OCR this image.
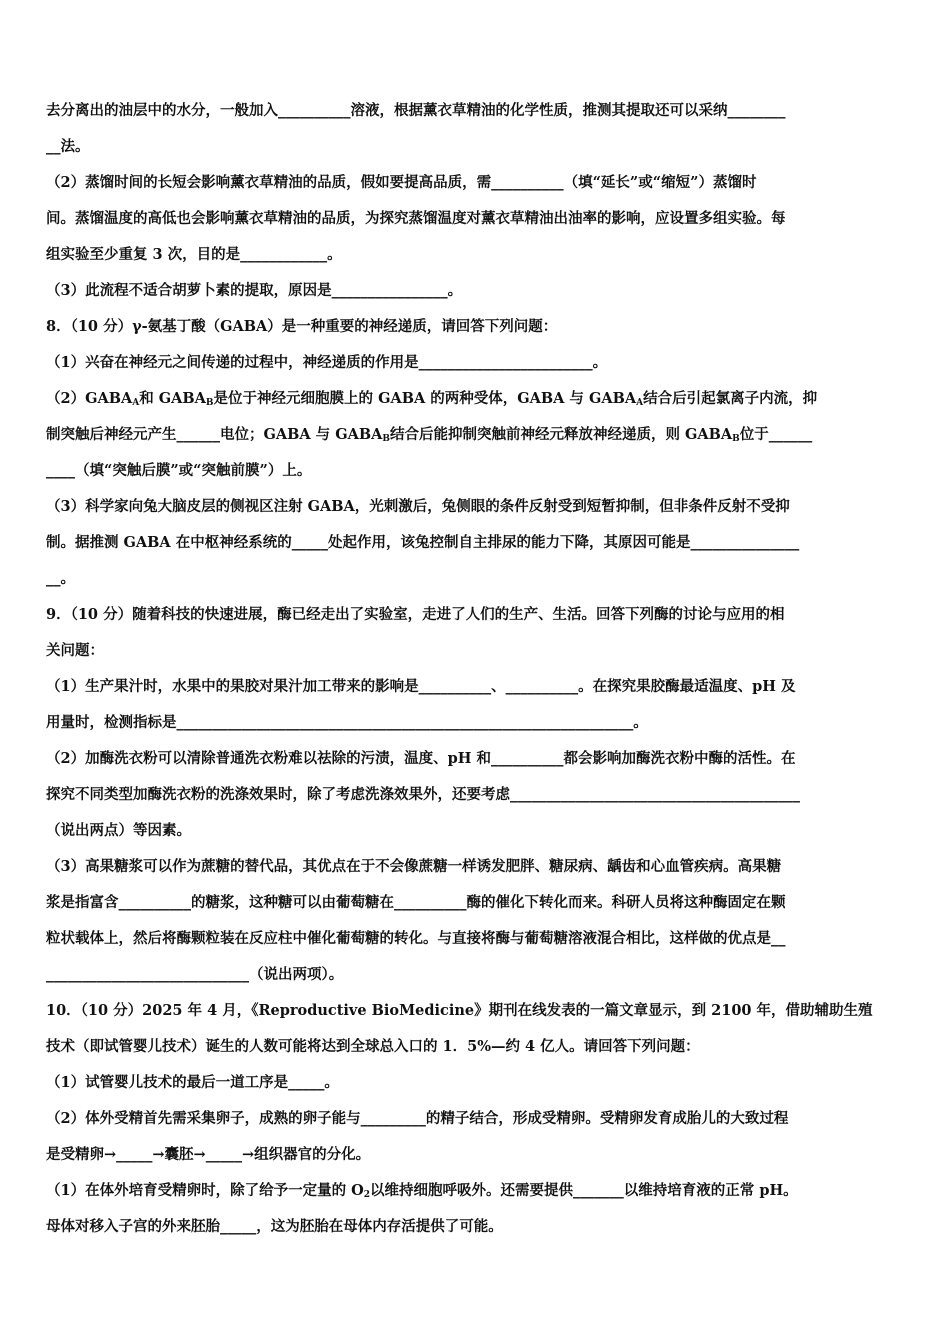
去分离出的油层中的水分，一般加入__________溶液，根据薰衣草精油的化学性质，推测其提取还可以采纳________
__法。
（2）蒸馏时间的长短会影响薰衣草精油的品质，假如要提高品质，需__________（填“延长”或“缩短”）蒸馏时
间。蒸馏温度的高低也会影响薰衣草精油的品质，为探究蒸馏温度对薰衣草精油出油率的影响，应设置多组实验。每
组实验至少重复 3 次，目的是____________。
（3）此流程不适合胡萝卜素的提取，原因是________________。
8．（10 分）γ-氨基丁酸（GABA）是一种重要的神经递质，请回答下列问题：
（1）兴奋在神经元之间传递的过程中，神经递质的作用是________________________。
$(2)GABA_A$和 $GABA_B$是位于神经元细胞膜上的 GABA 的两种受体，GABA 与 $GABA_A$结合后引起氯离子内流，抑
制突触后神经元产生______电位；GABA 与 $GABA_B$结合后能抑制突触前神经元释放神经递质，则 $GABA_B$位于______
____（填“突触后膜”或“突触前膜”）上。
（3）科学家向兔大脑皮层的侧视区注射 GABA，光刺激后，兔侧眼的条件反射受到短暂抑制，但非条件反射不受抑
制。据推测 GABA 在中枢神经系统的_____处起作用，该兔控制自主排尿的能力下降，其原因可能是_______________
__。
9．（10 分）随着科技的快速进展，酶已经走出了实验室，走进了人们的生产、生活。回答下列酶的讨论与应用的相
关问题：
（1）生产果汁时，水果中的果胶对果汁加工带来的影响是__________、__________。在探究果胶酶最适温度、pH 及
用量时，检测指标是_______________________________________________________________。
（2）加酶洗衣粉可以清除普通洗衣粉难以祛除的污渍，温度、pH 和__________都会影响加酶洗衣粉中酶的活性。在
探究不同类型加酶洗衣粉的洗涤效果时，除了考虑洗涤效果外，还要考虑________________________________________
（说出两点）等因素。
（3）高果糖浆可以作为蔗糖的替代品，其优点在于不会像蔗糖一样诱发肥胖、糖尿病、龋齿和心血管疾病。高果糖
浆是指富含__________的糖浆，这种糖可以由葡萄糖在__________酶的催化下转化而来。科研人员将这种酶固定在颗
粒状载体上，然后将酶颗粒装在反应柱中催化葡萄糖的转化。与直接将酶与葡萄糖溶液混合相比，这样做的优点是__
____________________________（说出两项）。
10．（10 分）2025 年 4 月，《Reproductive BioMedicine》期刊在线发表的一篇文章显示，到 2100 年，借助辅助生殖
技术（即试管婴儿技术）诞生的人数可能将达到全球总入口的 1．5%—约 4 亿人。请回答下列问题：
（1）试管婴儿技术的最后一道工序是_____。
（2）体外受精首先需采集卵子，成熟的卵子能与_________的精子结合，形成受精卵。受精卵发育成胎儿的大致过程
是受精卵→_____→囊胚→_____→组织器官的分化。
（1）在体外培育受精卵时，除了给予一定量的 $O_2$以维持细胞呼吸外。还需要提供_______以维持培育液的正常 pH。
母体对移入子宫的外来胚胎_____，这为胚胎在母体内存活提供了可能。
